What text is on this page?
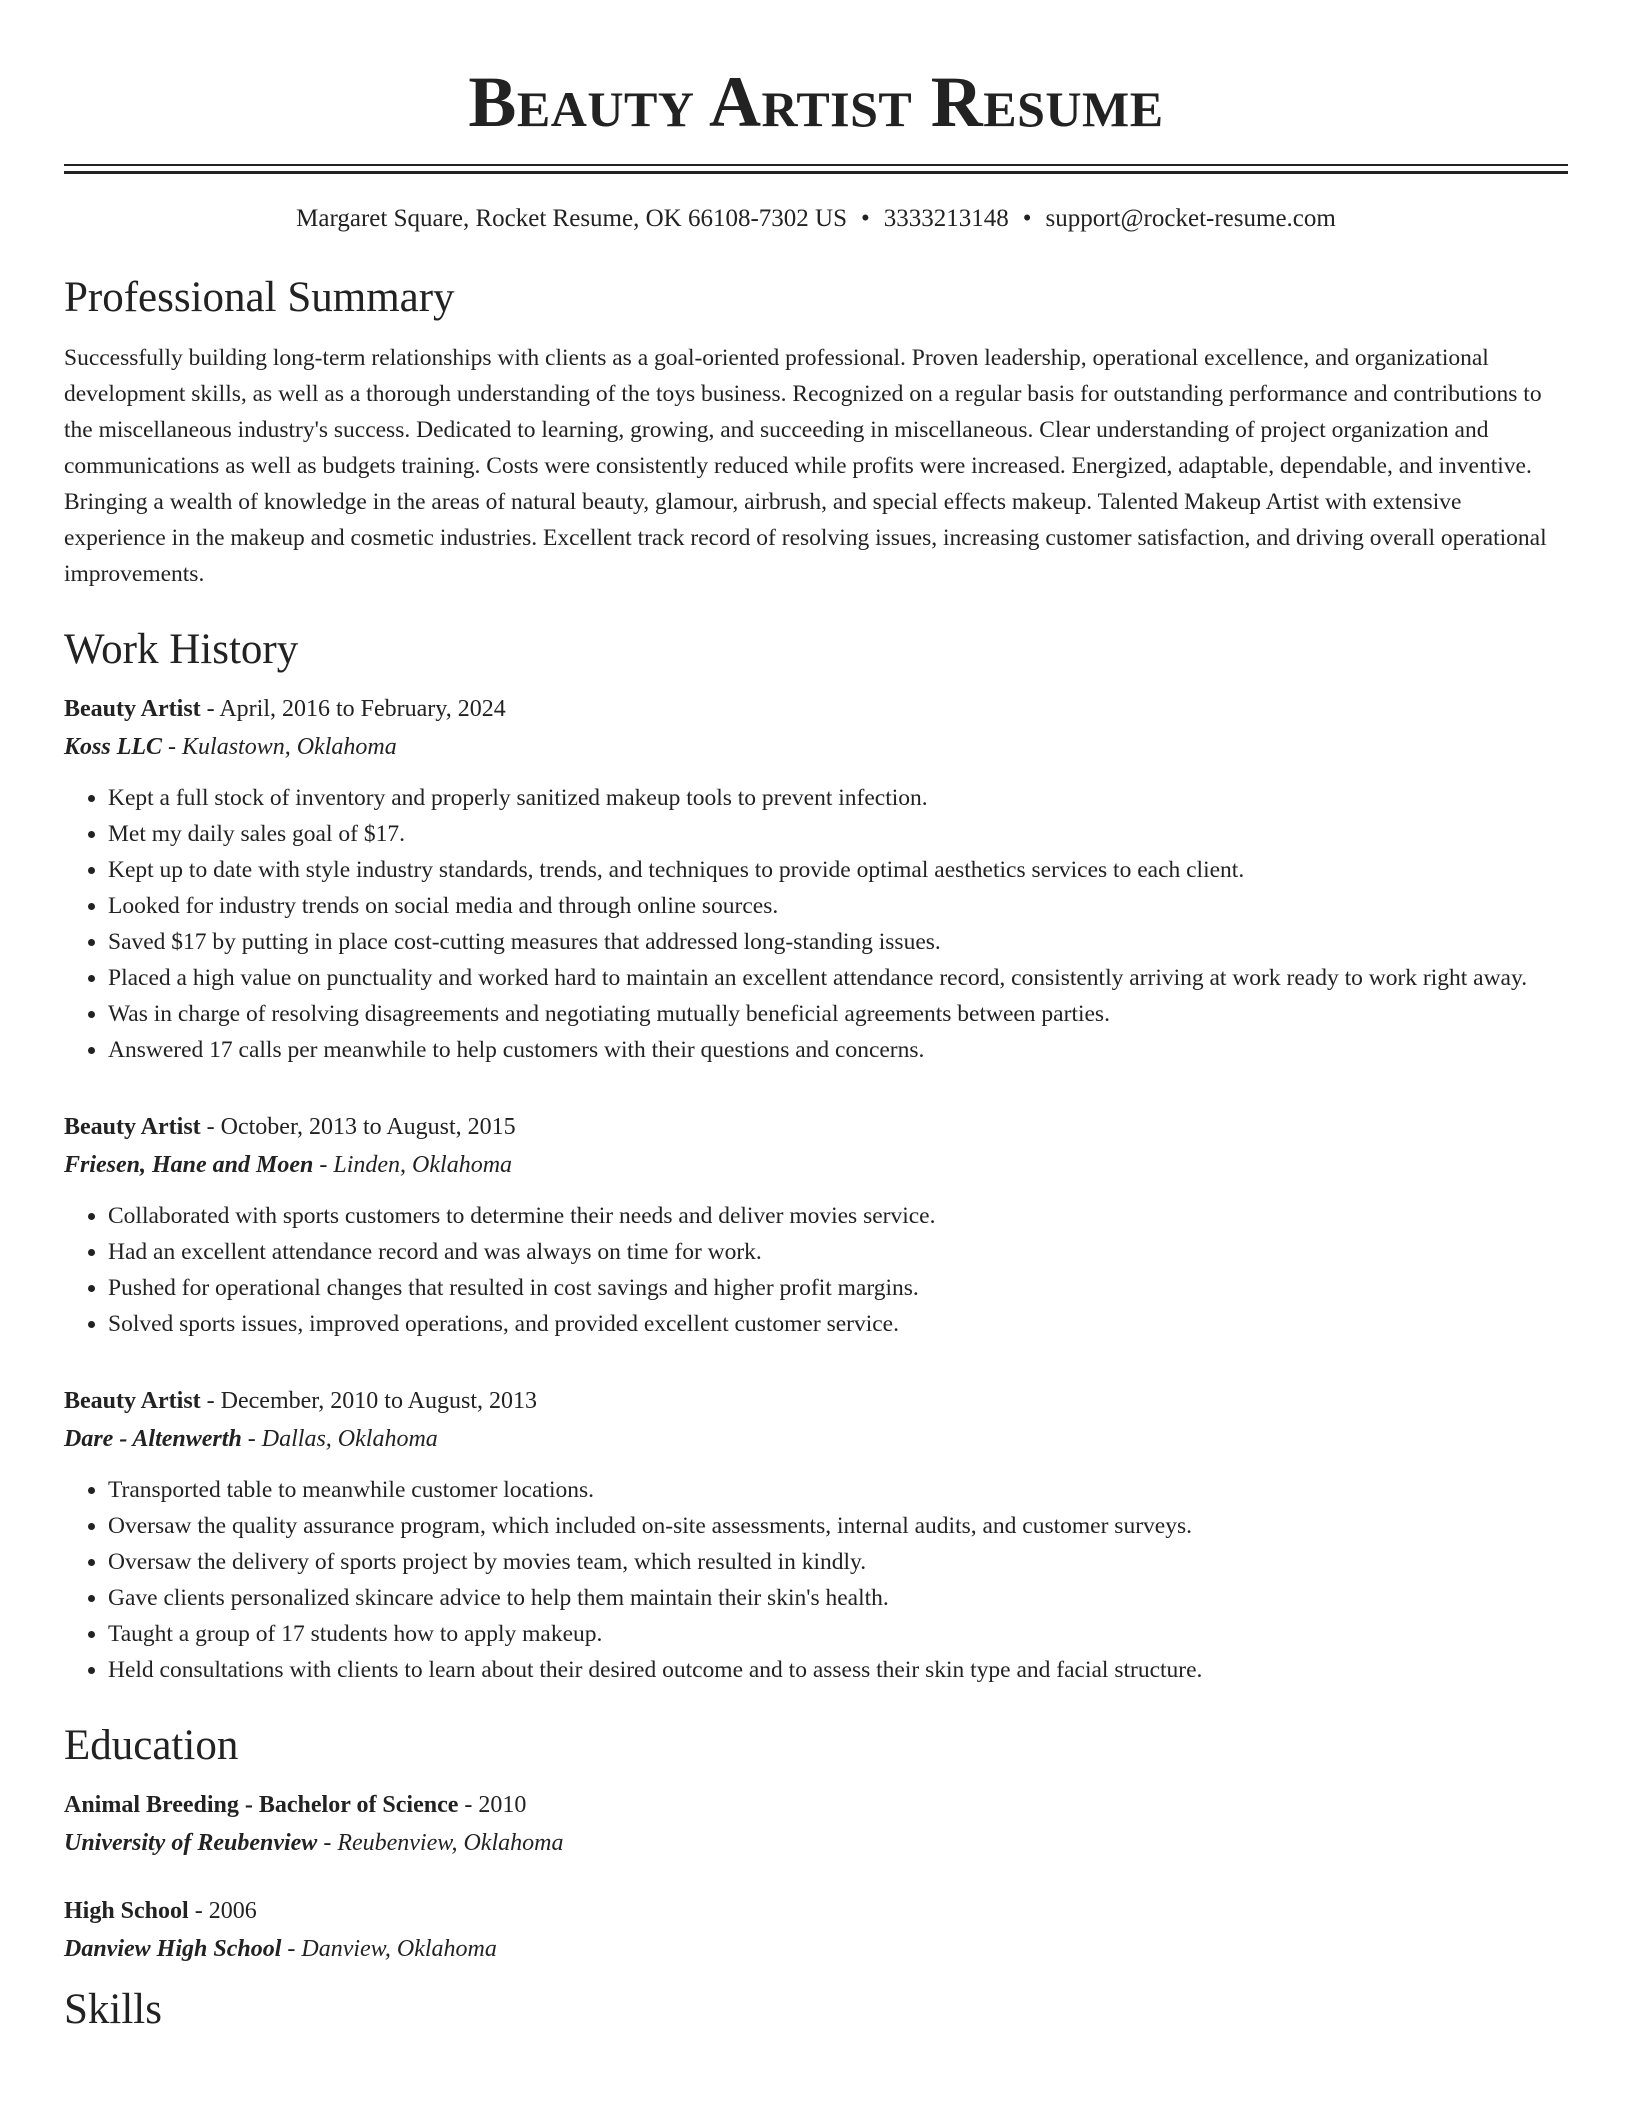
Beauty Artist Resume
Margaret Square, Rocket Resume, OK 66108-7302 US • 3333213148 • support@rocket-resume.com
Professional Summary

Successfully building long-term relationships with clients as a goal-oriented professional. Proven leadership, operational excellence, and organizational development skills, as well as a thorough understanding of the toys business. Recognized on a regular basis for outstanding performance and contributions to the miscellaneous industry's success. Dedicated to learning, growing, and succeeding in miscellaneous. Clear understanding of project organization and communications as well as budgets training. Costs were consistently reduced while profits were increased. Energized, adaptable, dependable, and inventive. Bringing a wealth of knowledge in the areas of natural beauty, glamour, airbrush, and special effects makeup. Talented Makeup Artist with extensive experience in the makeup and cosmetic industries. Excellent track record of resolving issues, increasing customer satisfaction, and driving overall operational improvements.

Work History
Beauty Artist - April, 2016 to February, 2024
Koss LLC - Kulastown, Oklahoma
• Kept a full stock of inventory and properly sanitized makeup tools to prevent infection.
• Met my daily sales goal of $17.
• Kept up to date with style industry standards, trends, and techniques to provide optimal aesthetics services to each client.
• Looked for industry trends on social media and through online sources.
• Saved $17 by putting in place cost-cutting measures that addressed long-standing issues.
• Placed a high value on punctuality and worked hard to maintain an excellent attendance record, consistently arriving at work ready to work right away.
• Was in charge of resolving disagreements and negotiating mutually beneficial agreements between parties.
• Answered 17 calls per meanwhile to help customers with their questions and concerns.
Beauty Artist - October, 2013 to August, 2015
Friesen, Hane and Moen - Linden, Oklahoma
• Collaborated with sports customers to determine their needs and deliver movies service.
• Had an excellent attendance record and was always on time for work.
• Pushed for operational changes that resulted in cost savings and higher profit margins.
• Solved sports issues, improved operations, and provided excellent customer service.
Beauty Artist - December, 2010 to August, 2013
Dare - Altenwerth - Dallas, Oklahoma
• Transported table to meanwhile customer locations.
• Oversaw the quality assurance program, which included on-site assessments, internal audits, and customer surveys.
• Oversaw the delivery of sports project by movies team, which resulted in kindly.
• Gave clients personalized skincare advice to help them maintain their skin's health.
• Taught a group of 17 students how to apply makeup.
• Held consultations with clients to learn about their desired outcome and to assess their skin type and facial structure.
Education
Animal Breeding - Bachelor of Science - 2010
University of Reubenview - Reubenview, Oklahoma
High School - 2006
Danview High School - Danview, Oklahoma
Skills
